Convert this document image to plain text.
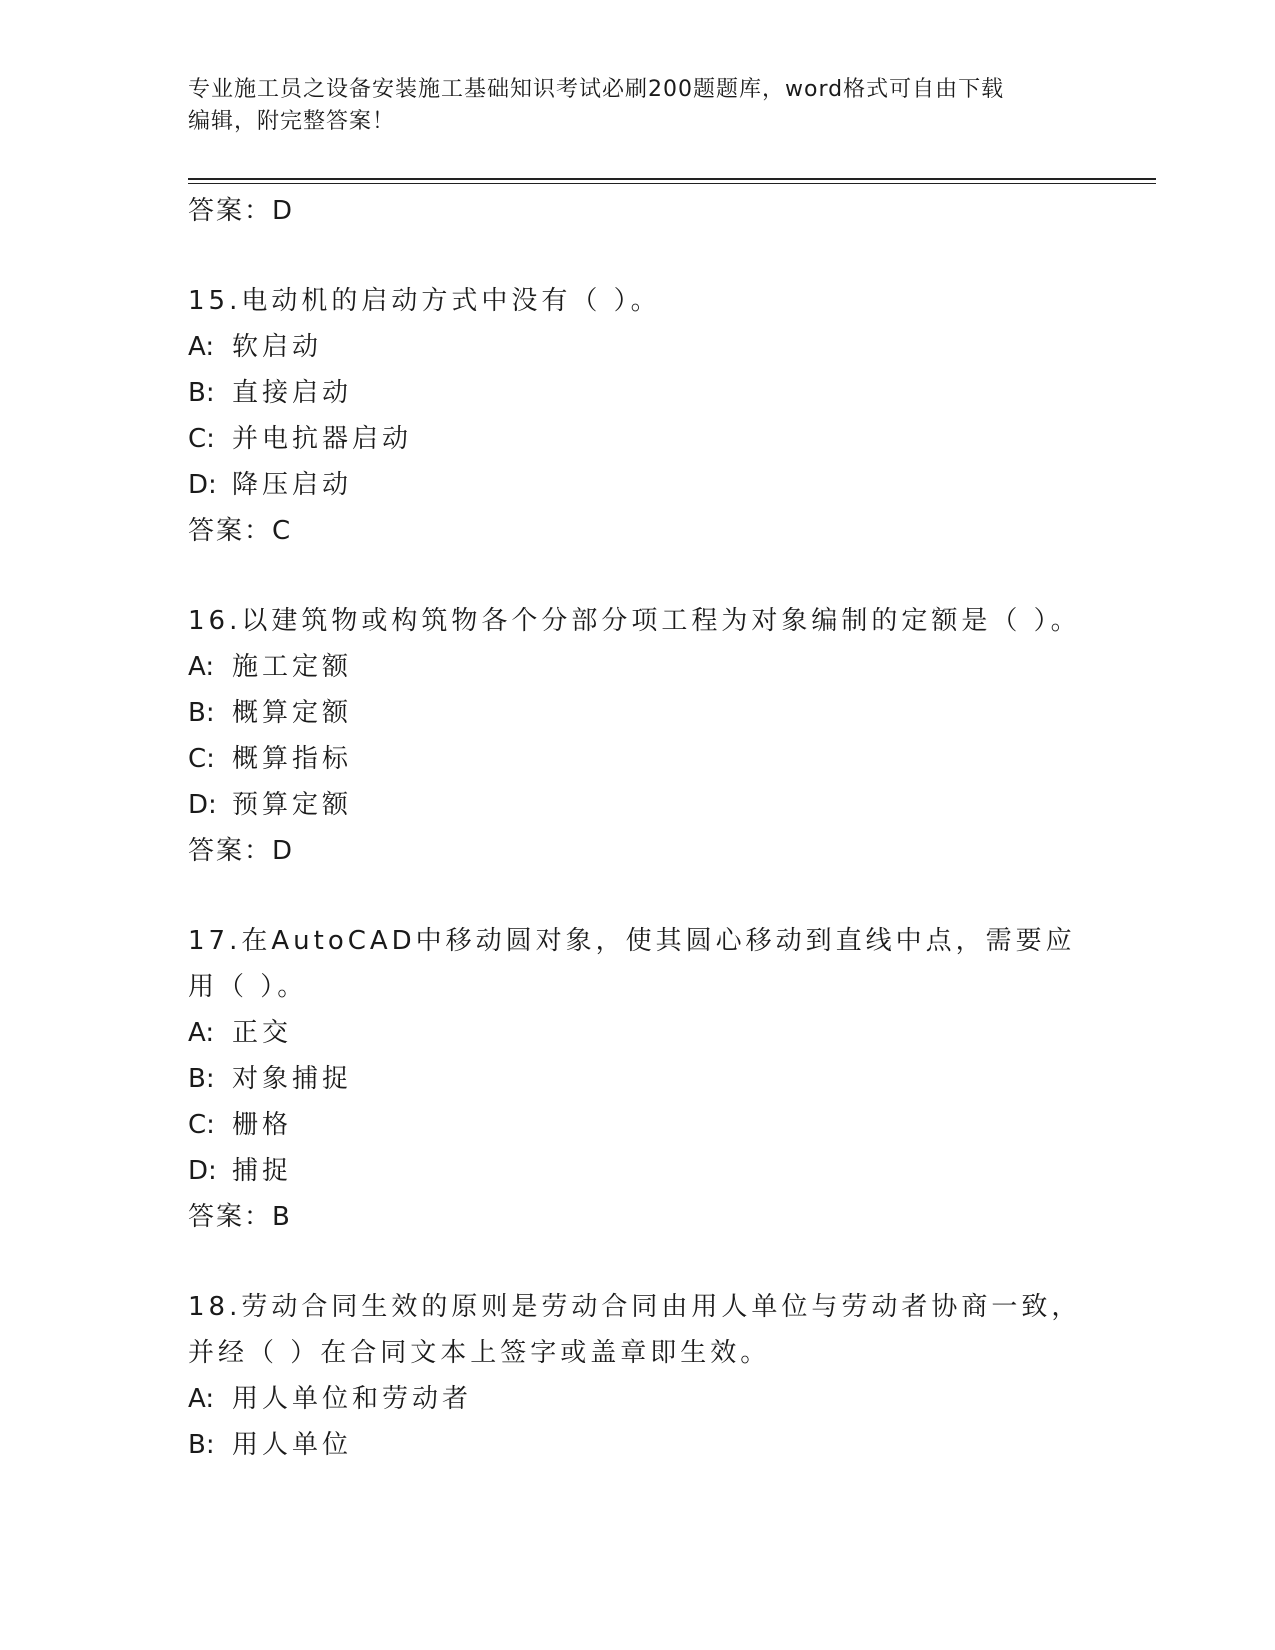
专业施工员之设备安装施工基础知识考试必刷200题题库，word格式可自由下载
编辑，附完整答案！
答案：D
15.电动机的启动方式中没有（ ）。
A: 软启动
B: 直接启动
C: 并电抗器启动
D: 降压启动
答案：C
16.以建筑物或构筑物各个分部分项工程为对象编制的定额是（ ）。
A: 施工定额
B: 概算定额
C: 概算指标
D: 预算定额
答案：D
17.在AutoCAD中移动圆对象，使其圆心移动到直线中点，需要应用（ ）。
A: 正交
B: 对象捕捉
C: 栅格
D: 捕捉
答案：B
18.劳动合同生效的原则是劳动合同由用人单位与劳动者协商一致，并经（ ）在合同文本上签字或盖章即生效。
A: 用人单位和劳动者
B: 用人单位
